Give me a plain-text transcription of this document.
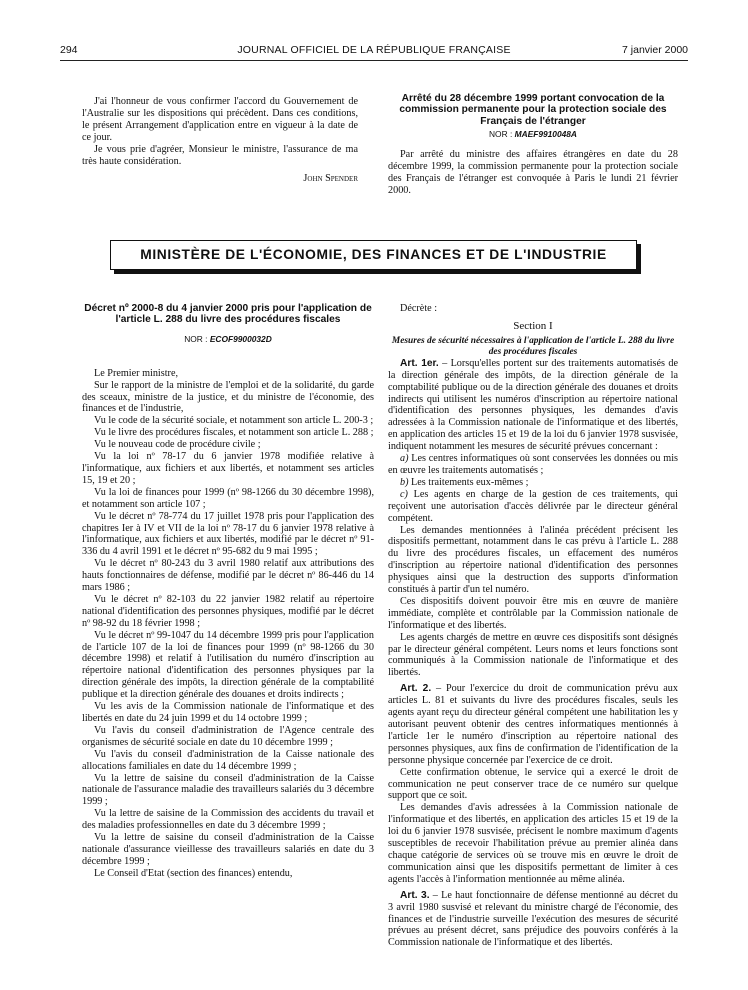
294	JOURNAL OFFICIEL DE LA RÉPUBLIQUE FRANÇAISE	7 janvier 2000

J'ai l'honneur de vous confirmer l'accord du Gouvernement de l'Australie sur les dispositions qui précèdent. Dans ces conditions, le présent Arrangement d'application entre en vigueur à la date de ce jour.

Je vous prie d'agréer, Monsieur le ministre, l'assurance de ma très haute considération.

John Spender

Arrêté du 28 décembre 1999 portant convocation de la commission permanente pour la protection sociale des Français de l'étranger
NOR : MAEF9910048A

Par arrêté du ministre des affaires étrangères en date du 28 décembre 1999, la commission permanente pour la protection sociale des Français de l'étranger est convoquée à Paris le lundi 21 février 2000.

MINISTÈRE DE L'ÉCONOMIE, DES FINANCES ET DE L'INDUSTRIE
Décret nº 2000-8 du 4 janvier 2000 pris pour l'application de l'article L. 288 du livre des procédures fiscales
NOR : ECOF9900032D

Le Premier ministre,

Sur le rapport de la ministre de l'emploi et de la solidarité, du garde des sceaux, ministre de la justice, et du ministre de l'économie, des finances et de l'industrie,

Vu le code de la sécurité sociale, et notamment son article L. 200-3 ;

Vu le livre des procédures fiscales, et notamment son article L. 288 ;

Vu le nouveau code de procédure civile ;

Vu la loi nº 78-17 du 6 janvier 1978 modifiée relative à l'informatique, aux fichiers et aux libertés, et notamment ses articles 15, 19 et 20 ;

Vu la loi de finances pour 1999 (nº 98-1266 du 30 décembre 1998), et notamment son article 107 ;

Vu le décret nº 78-774 du 17 juillet 1978 pris pour l'application des chapitres Ier à IV et VII de la loi nº 78-17 du 6 janvier 1978 relative à l'informatique, aux fichiers et aux libertés, modifié par le décret nº 91-336 du 4 avril 1991 et le décret nº 95-682 du 9 mai 1995 ;

Vu le décret nº 80-243 du 3 avril 1980 relatif aux attributions des hauts fonctionnaires de défense, modifié par le décret nº 86-446 du 14 mars 1986 ;

Vu le décret nº 82-103 du 22 janvier 1982 relatif au répertoire national d'identification des personnes physiques, modifié par le décret nº 98-92 du 18 février 1998 ;

Vu le décret nº 99-1047 du 14 décembre 1999 pris pour l'application de l'article 107 de la loi de finances pour 1999 (nº 98-1266 du 30 décembre 1998) et relatif à l'utilisation du numéro d'inscription au répertoire national d'identification des personnes physiques par la direction générale des impôts, la direction générale de la comptabilité publique et la direction générale des douanes et droits indirects ;

Vu les avis de la Commission nationale de l'informatique et des libertés en date du 24 juin 1999 et du 14 octobre 1999 ;

Vu l'avis du conseil d'administration de l'Agence centrale des organismes de sécurité sociale en date du 10 décembre 1999 ;

Vu l'avis du conseil d'administration de la Caisse nationale des allocations familiales en date du 14 décembre 1999 ;

Vu la lettre de saisine du conseil d'administration de la Caisse nationale de l'assurance maladie des travailleurs salariés du 3 décembre 1999 ;

Vu la lettre de saisine de la Commission des accidents du travail et des maladies professionnelles en date du 3 décembre 1999 ;

Vu la lettre de saisine du conseil d'administration de la Caisse nationale d'assurance vieillesse des travailleurs salariés en date du 3 décembre 1999 ;

Le Conseil d'Etat (section des finances) entendu,

Décrète :

Section I
Mesures de sécurité nécessaires à l'application de l'article L. 288 du livre des procédures fiscales

Art. 1er. – Lorsqu'elles portent sur des traitements automatisés de la direction générale des impôts, de la direction générale de la comptabilité publique ou de la direction générale des douanes et droits indirects qui utilisent les numéros d'inscription au répertoire national d'identification des personnes physiques, les demandes d'avis adressées à la Commission nationale de l'informatique et des libertés, en application des articles 15 et 19 de la loi du 6 janvier 1978 susvisée, indiquent notamment les mesures de sécurité prévues concernant :

a) Les centres informatiques où sont conservées les données ou mis en œuvre les traitements automatisés ;

b) Les traitements eux-mêmes ;

c) Les agents en charge de la gestion de ces traitements, qui reçoivent une autorisation d'accès délivrée par le directeur général compétent.

Les demandes mentionnées à l'alinéa précédent précisent les dispositifs permettant, notamment dans le cas prévu à l'article L. 288 du livre des procédures fiscales, un effacement des numéros d'inscription au répertoire national d'identification des personnes physiques ainsi que la destruction des supports d'information constitués à partir d'un tel numéro.

Ces dispositifs doivent pouvoir être mis en œuvre de manière immédiate, complète et contrôlable par la Commission nationale de l'informatique et des libertés.

Les agents chargés de mettre en œuvre ces dispositifs sont désignés par le directeur général compétent. Leurs noms et leurs fonctions sont communiqués à la Commission nationale de l'informatique et des libertés.

Art. 2. – Pour l'exercice du droit de communication prévu aux articles L. 81 et suivants du livre des procédures fiscales, seuls les agents ayant reçu du directeur général compétent une habilitation les y autorisant peuvent obtenir des centres informatiques mentionnés à l'article 1er le numéro d'inscription au répertoire national des personnes physiques, aux fins de confirmation de l'identification de la personne physique concernée par l'exercice de ce droit.

Cette confirmation obtenue, le service qui a exercé le droit de communication ne peut conserver trace de ce numéro sur quelque support que ce soit.

Les demandes d'avis adressées à la Commission nationale de l'informatique et des libertés, en application des articles 15 et 19 de la loi du 6 janvier 1978 susvisée, précisent le nombre maximum d'agents susceptibles de recevoir l'habilitation prévue au premier alinéa dans chaque catégorie de services où se trouve mis en œuvre le droit de communication ainsi que les dispositifs permettant de limiter à ces agents l'accès à l'information mentionnée au même alinéa.

Art. 3. – Le haut fonctionnaire de défense mentionné au décret du 3 avril 1980 susvisé et relevant du ministre chargé de l'économie, des finances et de l'industrie surveille l'exécution des mesures de sécurité prévues au présent décret, sans préjudice des pouvoirs conférés à la Commission nationale de l'informatique et des libertés.
